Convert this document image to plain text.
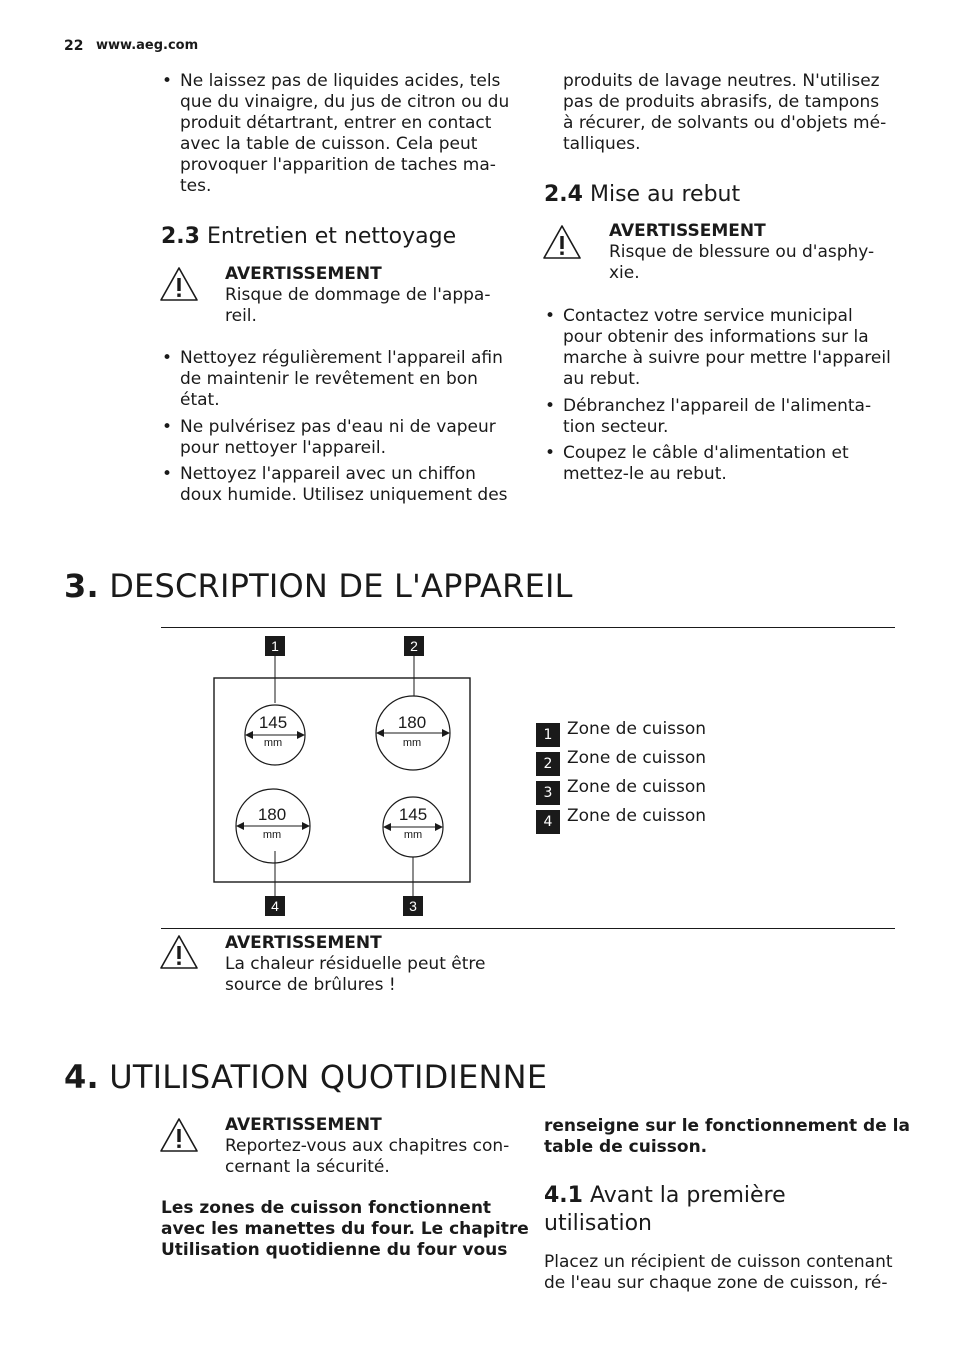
22 www.aeg.com
• Ne laissez pas de liquides acides, tels
que du vinaigre, du jus de citron ou du
produit détartrant, entrer en contact
avec la table de cuisson. Cela peut
provoquer l'apparition de taches ma-
tes.
2.3 Entretien et nettoyage
AVERTISSEMENT
Risque de dommage de l'appa-
reil.
• Nettoyez régulièrement l'appareil afin
de maintenir le revêtement en bon
état.
• Ne pulvérisez pas d'eau ni de vapeur
pour nettoyer l'appareil.
• Nettoyez l'appareil avec un chiffon
doux humide. Utilisez uniquement des
produits de lavage neutres. N'utilisez
pas de produits abrasifs, de tampons
à récurer, de solvants ou d'objets mé-
talliques.
2.4 Mise au rebut
AVERTISSEMENT
Risque de blessure ou d'asphy-
xie.
• Contactez votre service municipal
pour obtenir des informations sur la
marche à suivre pour mettre l'appareil
au rebut.
• Débranchez l'appareil de l'alimenta-
tion secteur.
• Coupez le câble d'alimentation et
mettez-le au rebut.
3. DESCRIPTION DE L'APPAREIL
1	2
4	3
145
mm
180
mm
180
mm
145
mm
1 Zone de cuisson
2 Zone de cuisson
3 Zone de cuisson
4 Zone de cuisson
AVERTISSEMENT
La chaleur résiduelle peut être
source de brûlures !
4. UTILISATION QUOTIDIENNE
AVERTISSEMENT
Reportez-vous aux chapitres con-
cernant la sécurité.
Les zones de cuisson fonctionnent
avec les manettes du four. Le chapitre
Utilisation quotidienne du four vous
renseigne sur le fonctionnement de la
table de cuisson.
4.1 Avant la première
utilisation
Placez un récipient de cuisson contenant
de l'eau sur chaque zone de cuisson, ré-
